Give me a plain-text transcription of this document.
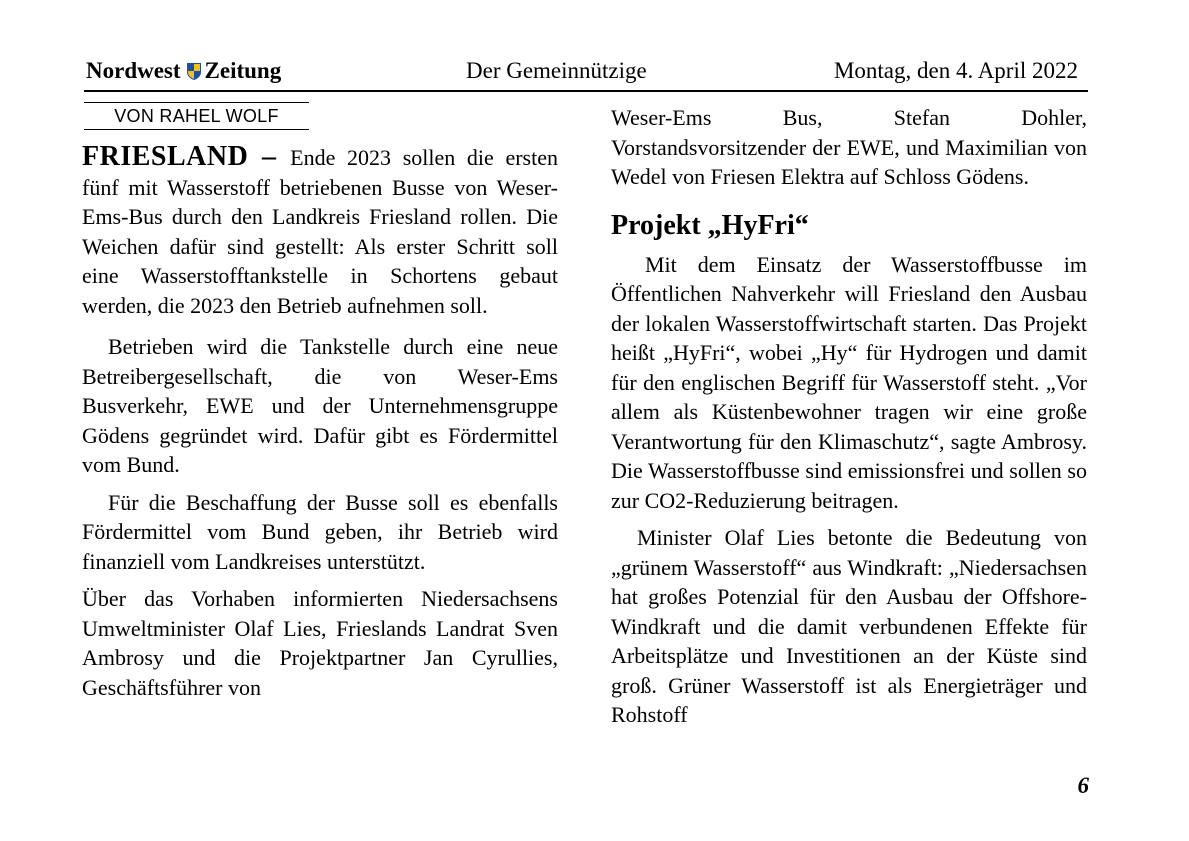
Nordwest Zeitung	Der Gemeinnützige	Montag, den 4. April 2022
VON RAHEL WOLF

FRIESLAND – Ende 2023 sollen die ersten fünf mit Wasserstoff betriebenen Busse von Weser-Ems-Bus durch den Landkreis Friesland rollen. Die Weichen dafür sind gestellt: Als erster Schritt soll eine Wasserstofftankstelle in Schortens gebaut werden, die 2023 den Betrieb aufnehmen soll.

Betrieben wird die Tankstelle durch eine neue Betreibergesellschaft, die von Weser-Ems Busverkehr, EWE und der Unternehmensgruppe Gödens gegründet wird. Dafür gibt es Fördermittel vom Bund.

Für die Beschaffung der Busse soll es ebenfalls Fördermittel vom Bund geben, ihr Betrieb wird finanziell vom Landkreises unterstützt.

Über das Vorhaben informierten Niedersachsens Umweltminister Olaf Lies, Frieslands Landrat Sven Ambrosy und die Projektpartner Jan Cyrullies, Geschäftsführer von

Weser-Ems Bus, Stefan Dohler, Vorstandsvorsitzender der EWE, und Maximilian von Wedel von Friesen Elektra auf Schloss Gödens.

Projekt „HyFri“

Mit dem Einsatz der Wasserstoffbusse im Öffentlichen Nahverkehr will Friesland den Ausbau der lokalen Wasserstoffwirtschaft starten. Das Projekt heißt „HyFri“, wobei „Hy“ für Hydrogen und damit für den englischen Begriff für Wasserstoff steht. „Vor allem als Küstenbewohner tragen wir eine große Verantwortung für den Klimaschutz“, sagte Ambrosy. Die Wasserstoffbusse sind emissionsfrei und sollen so zur CO2-Reduzierung beitragen.

Minister Olaf Lies betonte die Bedeutung von „grünem Wasserstoff“ aus Windkraft: „Niedersachsen hat großes Potenzial für den Ausbau der Offshore-Windkraft und die damit verbundenen Effekte für Arbeitsplätze und Investitionen an der Küste sind groß. Grüner Wasserstoff ist als Energieträger und Rohstoff

6
